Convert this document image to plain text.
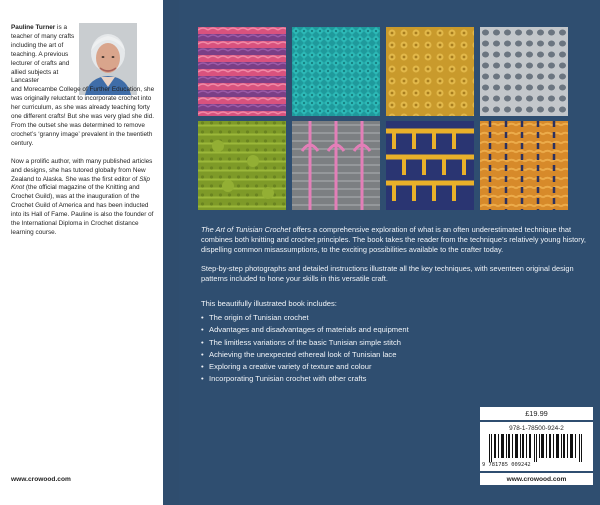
Pauline Turner is a teacher of many crafts including the art of teaching. A previous lecturer of crafts and allied subjects at Lancaster
and Morecambe College of Further Education, she was originally reluctant to incorporate crochet into her curriculum, as she was already teaching forty one different crafts! But she was very glad she did. From the outset she was determined to remove crochet’s ‘granny image’ prevalent in the twentieth century.
Now a prolific author, with many published articles and designs, she has tutored globally from New Zealand to Alaska. She was the first editor of Slip Knot (the official magazine of the Knitting and Crochet Guild), was at the inauguration of the Crochet Guild of America and has been inducted into its Hall of Fame. Pauline is also the founder of the International Diploma in Crochet distance learning course.
www.crowood.com

The Art of Tunisian Crochet offers a comprehensive exploration of what is an often underestimated technique that combines both knitting and crochet principles. The book takes the reader from the technique’s relatively young history, dispelling common misassumptions, to the exciting possibilities available to the crafter today.

Step-by-step photographs and detailed instructions illustrate all the key techniques, with seventeen original design patterns included to hone your skills in this versatile craft.

This beautifully illustrated book includes:
• The origin of Tunisian crochet
• Advantages and disadvantages of materials and equipment
• The limitless variations of the basic Tunisian simple stitch
• Achieving the unexpected ethereal look of Tunisian lace
• Exploring a creative variety of texture and colour
• Incorporating Tunisian crochet with other crafts
£19.99
978-1-78500-924-2
9 781785 009242
www.crowood.com
